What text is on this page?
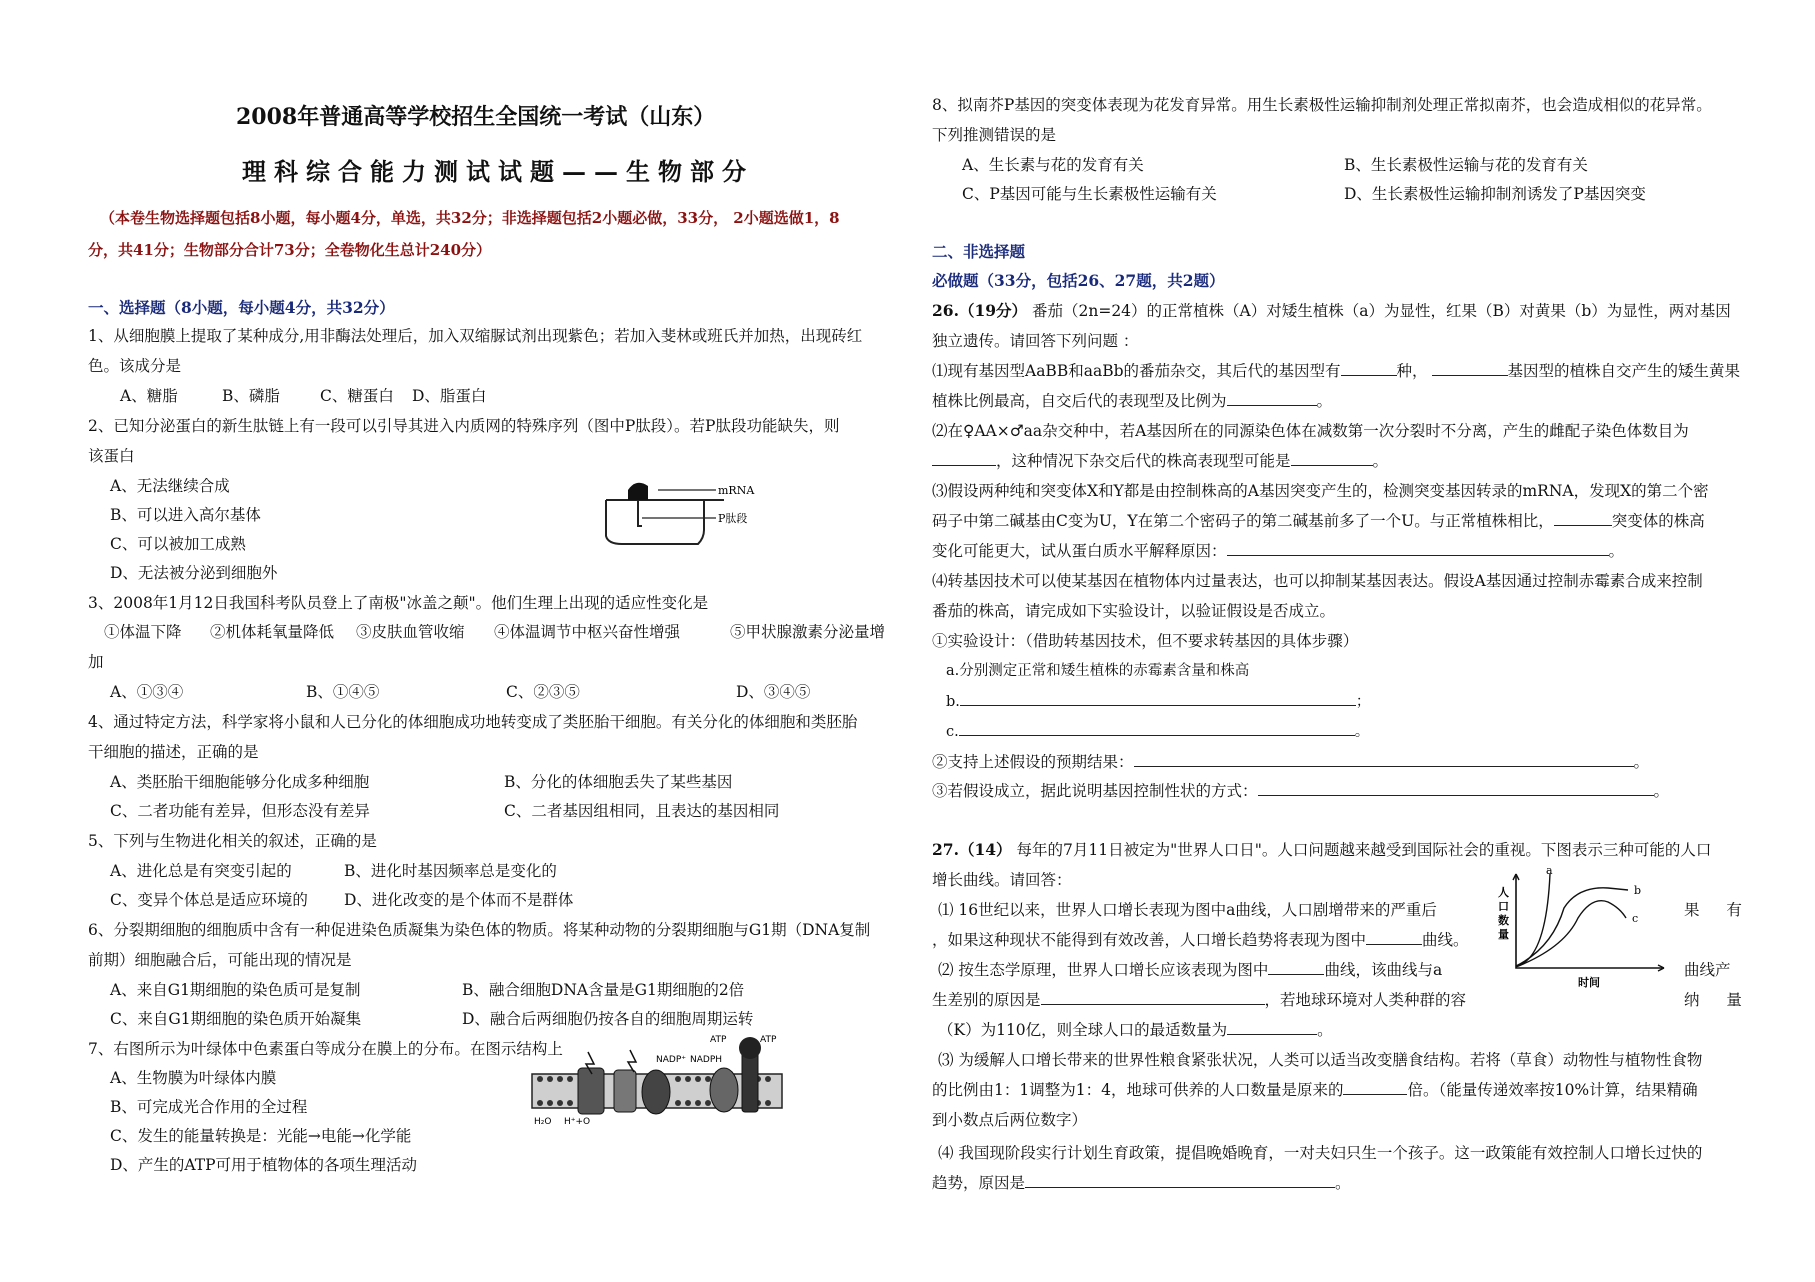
2008年普通高等学校招生全国统一考试（山东）
理科综合能力测试试题——生物部分
（本卷生物选择题包括8小题，每小题4分，单选，共32分；非选择题包括2小题必做，33分， 2小题选做1，8
分，共41分；生物部分合计73分；全卷物化生总计240分）
一、选择题（8小题，每小题4分，共32分）
1、从细胞膜上提取了某种成分,用非酶法处理后，加入双缩脲试剂出现紫色；若加入斐林或班氏并加热，出现砖红
色。该成分是
A、糖脂	B、磷脂	C、糖蛋白 D、脂蛋白
2、已知分泌蛋白的新生肽链上有一段可以引导其进入内质网的特殊序列（图中P肽段）。若P肽段功能缺失，则
该蛋白
A、无法继续合成
B、可以进入高尔基体
C、可以被加工成熟
D、无法被分泌到细胞外
mRNA
P肽段
3、2008年1月12日我国科考队员登上了南极"冰盖之颠"。他们生理上出现的适应性变化是
①体温下降 ②机体耗氧量降低 ③皮肤血管收缩 ④体温调节中枢兴奋性增强	⑤甲状腺激素分泌量增
加
A、①③④	B、①④⑤	C、②③⑤	D、③④⑤
4、通过特定方法，科学家将小鼠和人已分化的体细胞成功地转变成了类胚胎干细胞。有关分化的体细胞和类胚胎
干细胞的描述，正确的是
A、类胚胎干细胞能够分化成多种细胞	B、分化的体细胞丢失了某些基因
C、二者功能有差异，但形态没有差异	C、二者基因组相同，且表达的基因相同
5、下列与生物进化相关的叙述，正确的是
A、进化总是有突变引起的	B、进化时基因频率总是变化的
C、变异个体总是适应环境的 D、进化改变的是个体而不是群体
6、分裂期细胞的细胞质中含有一种促进染色质凝集为染色体的物质。将某种动物的分裂期细胞与G1期（DNA复制
前期）细胞融合后，可能出现的情况是
A、来自G1期细胞的染色质可是复制	B、融合细胞DNA含量是G1期细胞的2倍
C、来自G1期细胞的染色质开始凝集	D、融合后两细胞仍按各自的细胞周期运转
7、右图所示为叶绿体中色素蛋白等成分在膜上的分布。在图示结构上
A、生物膜为叶绿体内膜
B、可完成光合作用的全过程
C、发生的能量转换是：光能→电能→化学能
D、产生的ATP可用于植物体的各项生理活动
NADP⁺ NADPH
ATP	ATP
H₂O H⁺+O
8、拟南芥P基因的突变体表现为花发育异常。用生长素极性运输抑制剂处理正常拟南芥，也会造成相似的花异常。
下列推测错误的是
A、生长素与花的发育有关	B、生长素极性运输与花的发育有关
C、P基因可能与生长素极性运输有关	D、生长素极性运输抑制剂诱发了P基因突变
二、非选择题
必做题（33分，包括26、27题，共2题）
26.（19分） 番茄（2n=24）的正常植株（A）对矮生植株（a）为显性，红果（B）对黄果（b）为显性，两对基因
独立遗传。请回答下列问题 ：
⑴现有基因型AaBB和aaBb的番茄杂交，其后代的基因型有	种，	基因型的植株自交产生的矮生黄果
植株比例最高，自交后代的表现型及比例为	。
⑵在♀AA×♂aa杂交种中，若A基因所在的同源染色体在减数第一次分裂时不分离，产生的雌配子染色体数目为
，这种情况下杂交后代的株高表现型可能是	。
⑶假设两种纯和突变体X和Y都是由控制株高的A基因突变产生的，检测突变基因转录的mRNA，发现X的第二个密
码子中第二碱基由C变为U，Y在第二个密码子的第二碱基前多了一个U。与正常植株相比，	突变体的株高
变化可能更大，试从蛋白质水平解释原因：	。
⑷转基因技术可以使某基因在植物体内过量表达，也可以抑制某基因表达。假设A基因通过控制赤霉素合成来控制
番茄的株高，请完成如下实验设计，以验证假设是否成立。
①实验设计：（借助转基因技术，但不要求转基因的具体步骤）
a.分别测定正常和矮生植株的赤霉素含量和株高
b.	；
c.	。
②支持上述假设的预期结果：	。
③若假设成立，据此说明基因控制性状的方式：	。
27.（14） 每年的7月11日被定为"世界人口日"。人口问题越来越受到国际社会的重视。下图表示三种可能的人口
增长曲线。请回答：
⑴ 16世纪以来，世界人口增长表现为图中a曲线，人口剧增带来的严重后	果 有
，如果这种现状不能得到有效改善，人口增长趋势将表现为图中	曲线。
⑵ 按生态学原理，世界人口增长应该表现为图中	曲线，该曲线与a	曲线产
生差别的原因是	，若地球环境对人类种群的容	纳 量
（K）为110亿，则全球人口的最适数量为	。
⑶ 为缓解人口增长带来的世界性粮食紧张状况，人类可以适当改变膳食结构。若将（草食）动物性与植物性食物
的比例由1：1调整为1：4，地球可供养的人口数量是原来的	倍。（能量传递效率按10%计算，结果精确
到小数点后两位数字）
⑷ 我国现阶段实行计划生育政策，提倡晚婚晚育，一对夫妇只生一个孩子。这一政策能有效控制人口增长过快的
趋势，原因是	。
人 口 数 量
a
b
c
时间
